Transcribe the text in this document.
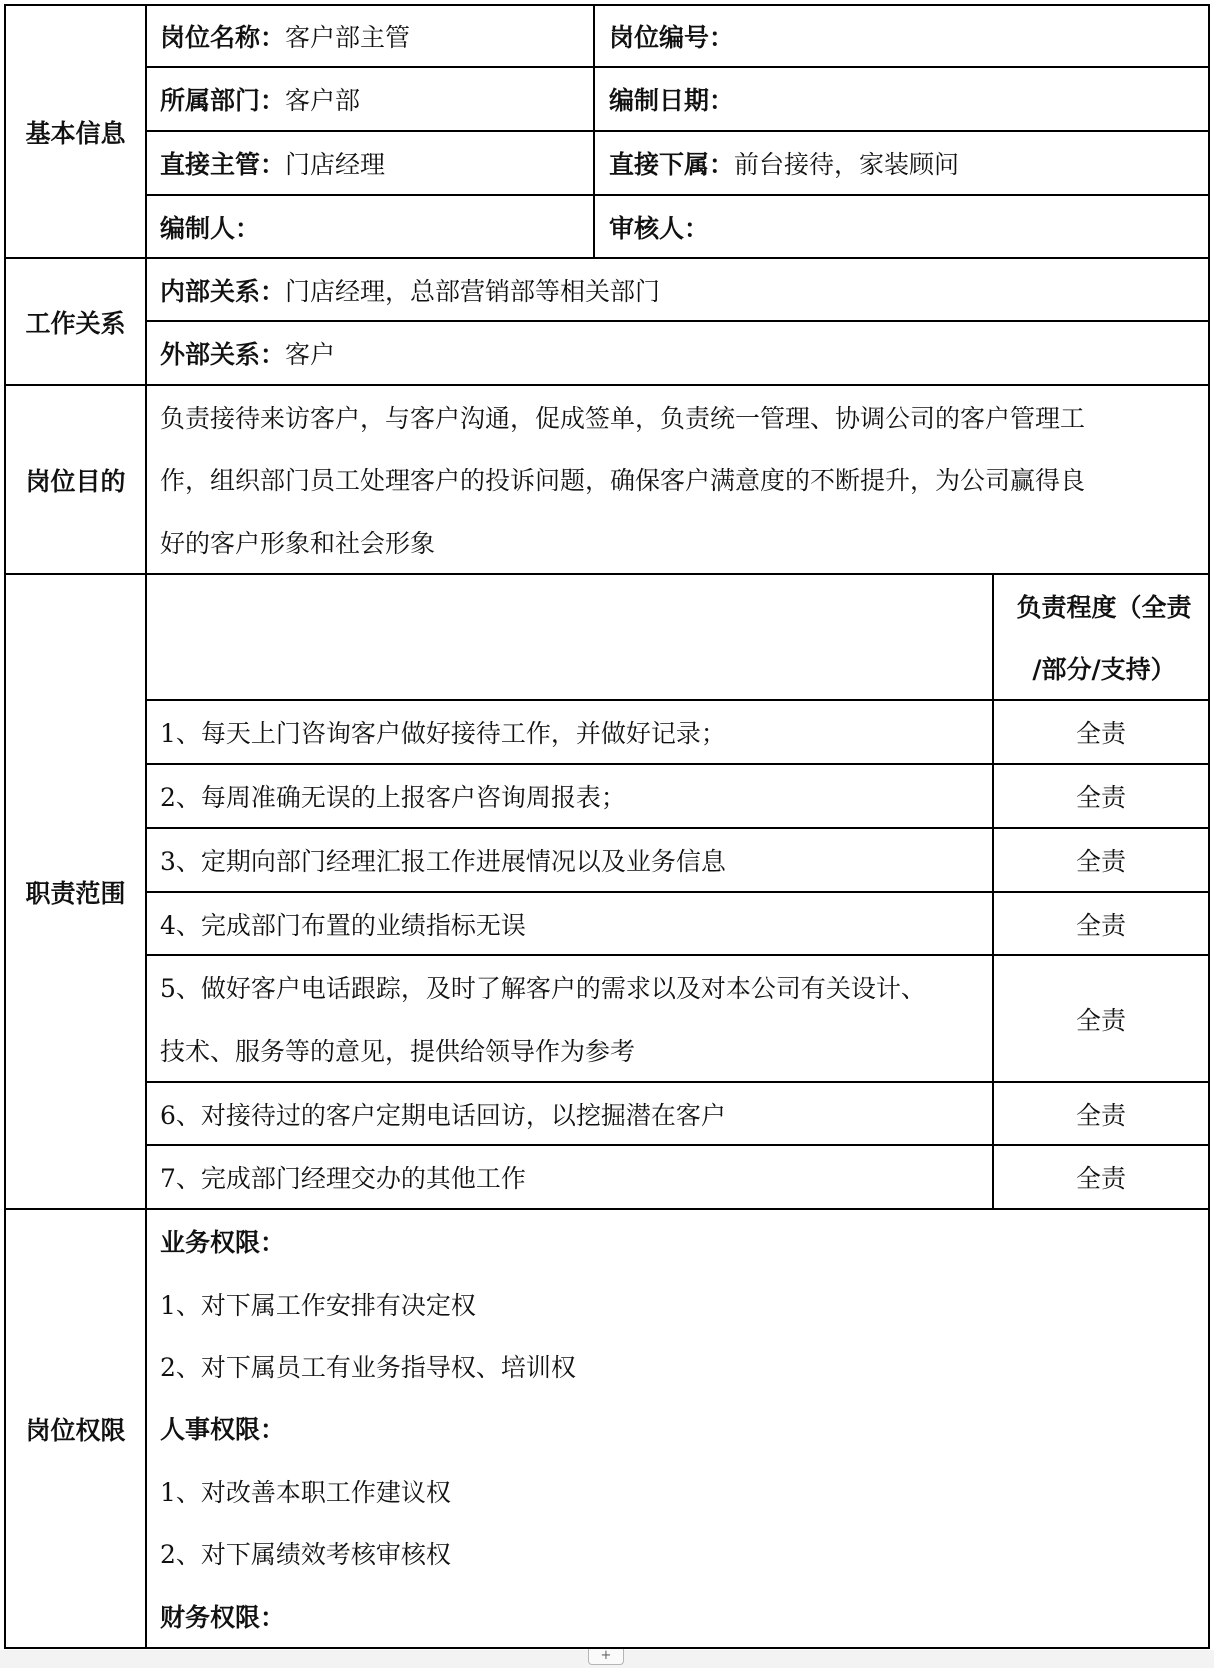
基本信息
岗位名称： 客户部主管	岗位编号：
所属部门： 客户部	编制日期：
直接主管： 门店经理	直接下属： 前台接待，家装顾问
编制人：	审核人：
工作关系
内部关系： 门店经理，总部营销部等相关部门
外部关系： 客户
岗位目的
负责接待来访客户，与客户沟通，促成签单，负责统一管理、协调公司的客户管理工
作，组织部门员工处理客户的投诉问题，确保客户满意度的不断提升，为公司赢得良
好的客户形象和社会形象
职责范围
负责程度（全责
/部分/支持）
1、每天上门咨询客户做好接待工作，并做好记录；	全责
2、每周准确无误的上报客户咨询周报表；	全责
3、定期向部门经理汇报工作进展情况以及业务信息	全责
4、完成部门布置的业绩指标无误	全责
5、做好客户电话跟踪，及时了解客户的需求以及对本公司有关设计、
技术、服务等的意见，提供给领导作为参考
全责
6、对接待过的客户定期电话回访，以挖掘潜在客户	全责
7、完成部门经理交办的其他工作	全责
岗位权限
业务权限：
1、对下属工作安排有决定权
2、对下属员工有业务指导权、培训权
人事权限：
1、对改善本职工作建议权
2、对下属绩效考核审核权
财务权限：
+
